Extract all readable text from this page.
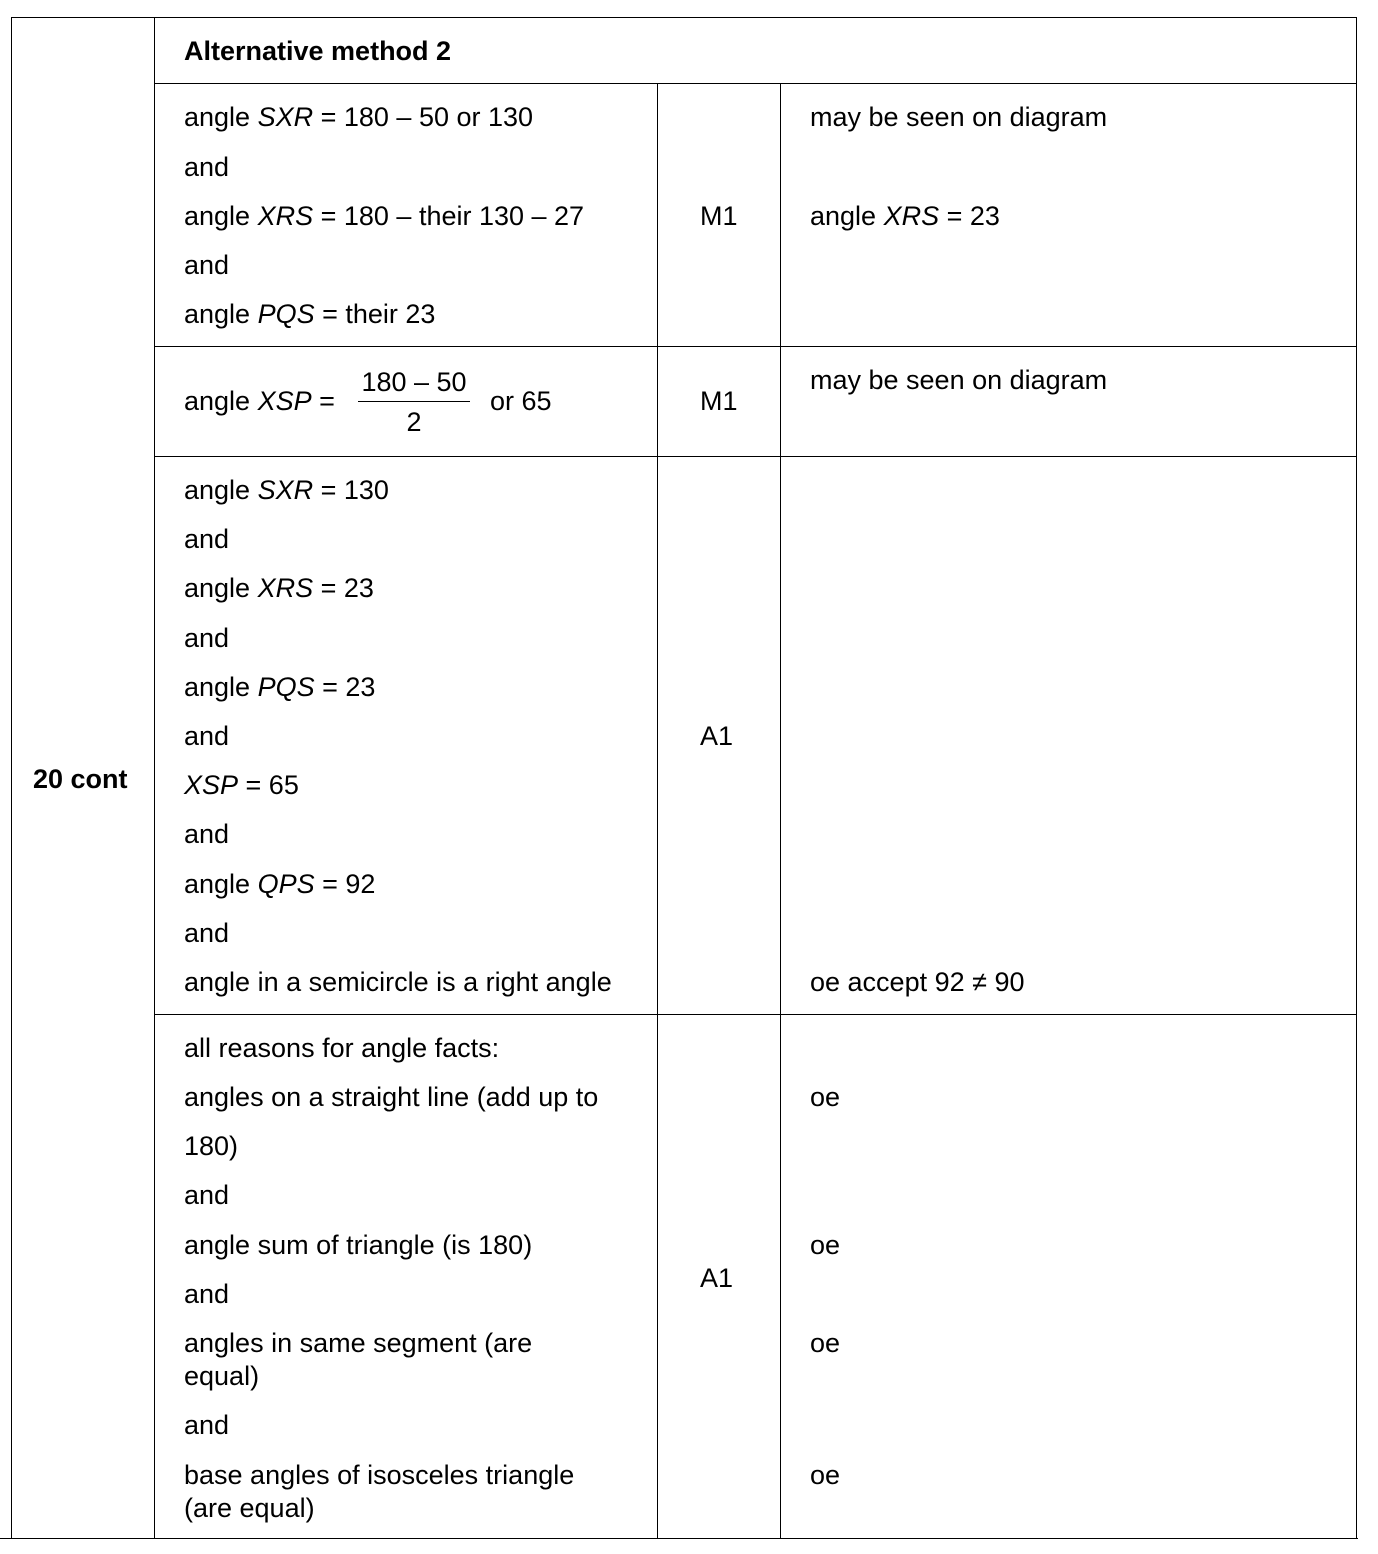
20 cont
Alternative method 2
angle SXR = 180 – 50 or 130
and
angle XRS = 180 – their 130 – 27
and
angle PQS = their 23
M1
may be seen on diagram
angle XRS = 23
angle XSP =
180 – 50
2
or 65	M1
may be seen on diagram
angle SXR = 130
and
angle XRS = 23
and
angle PQS = 23
and
XSP = 65
and
angle QPS = 92
and
angle in a semicircle is a right angle
A1
oe accept 92 ≠ 90
all reasons for angle facts:
angles on a straight line (add up to
180)
and
angle sum of triangle (is 180)
and
angles in same segment (are
equal)
and
base angles of isosceles triangle
(are equal)
A1
oe
oe
oe
oe
